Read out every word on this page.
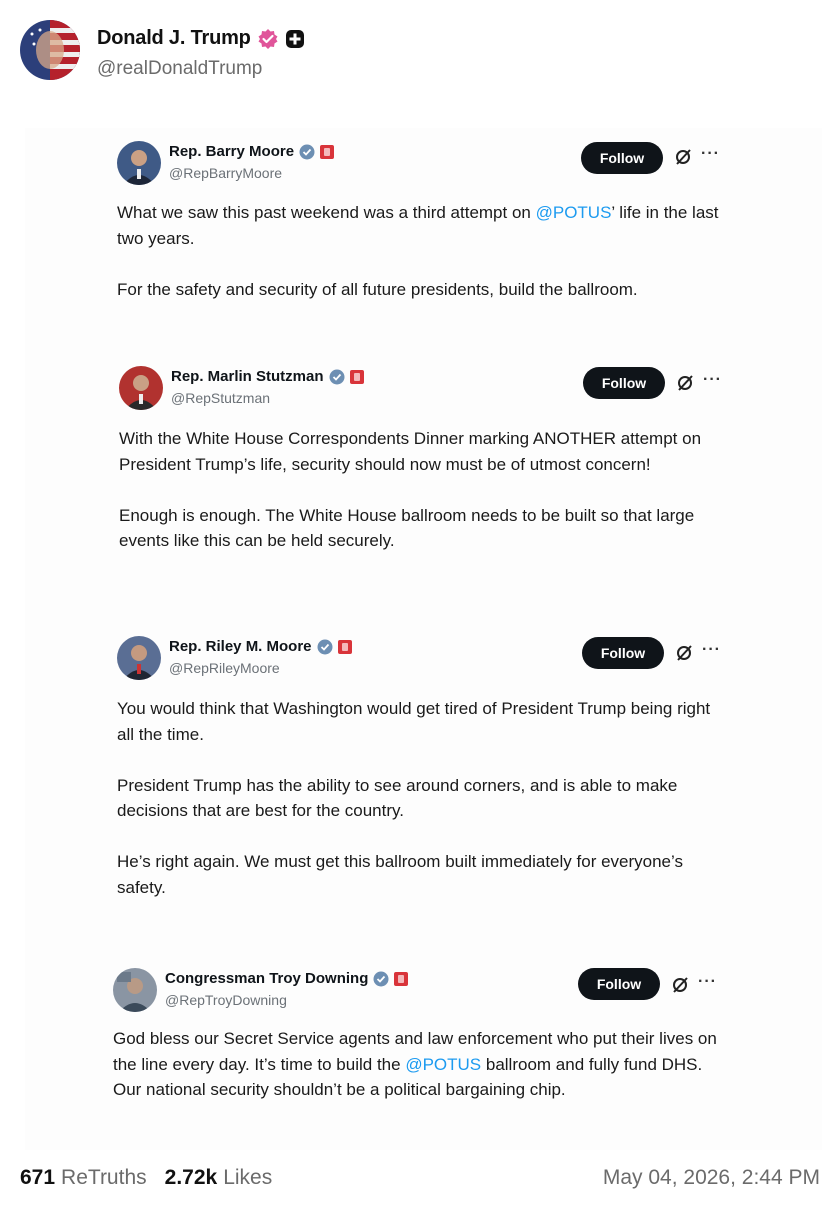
Donald J. Trump
@realDonaldTrump
Rep. Barry Moore
@RepBarryMoore
Follow	···

What we saw this past weekend was a third attempt on @POTUS’ life in the last two years.

For the safety and security of all future presidents, build the ballroom.

Rep. Marlin Stutzman
@RepStutzman
Follow	···

With the White House Correspondents Dinner marking ANOTHER attempt on President Trump’s life, security should now must be of utmost concern!

Enough is enough. The White House ballroom needs to be built so that large events like this can be held securely.

Rep. Riley M. Moore
@RepRileyMoore
Follow	···

You would think that Washington would get tired of President Trump being right all the time.

President Trump has the ability to see around corners, and is able to make decisions that are best for the country.

He’s right again. We must get this ballroom built immediately for everyone’s safety.

Congressman Troy Downing
@RepTroyDowning
Follow	···

God bless our Secret Service agents and law enforcement who put their lives on the line every day. It’s time to build the @POTUS ballroom and fully fund DHS. Our national security shouldn’t be a political bargaining chip.

671 ReTruths 2.72k Likes	May 04, 2026, 2:44 PM
